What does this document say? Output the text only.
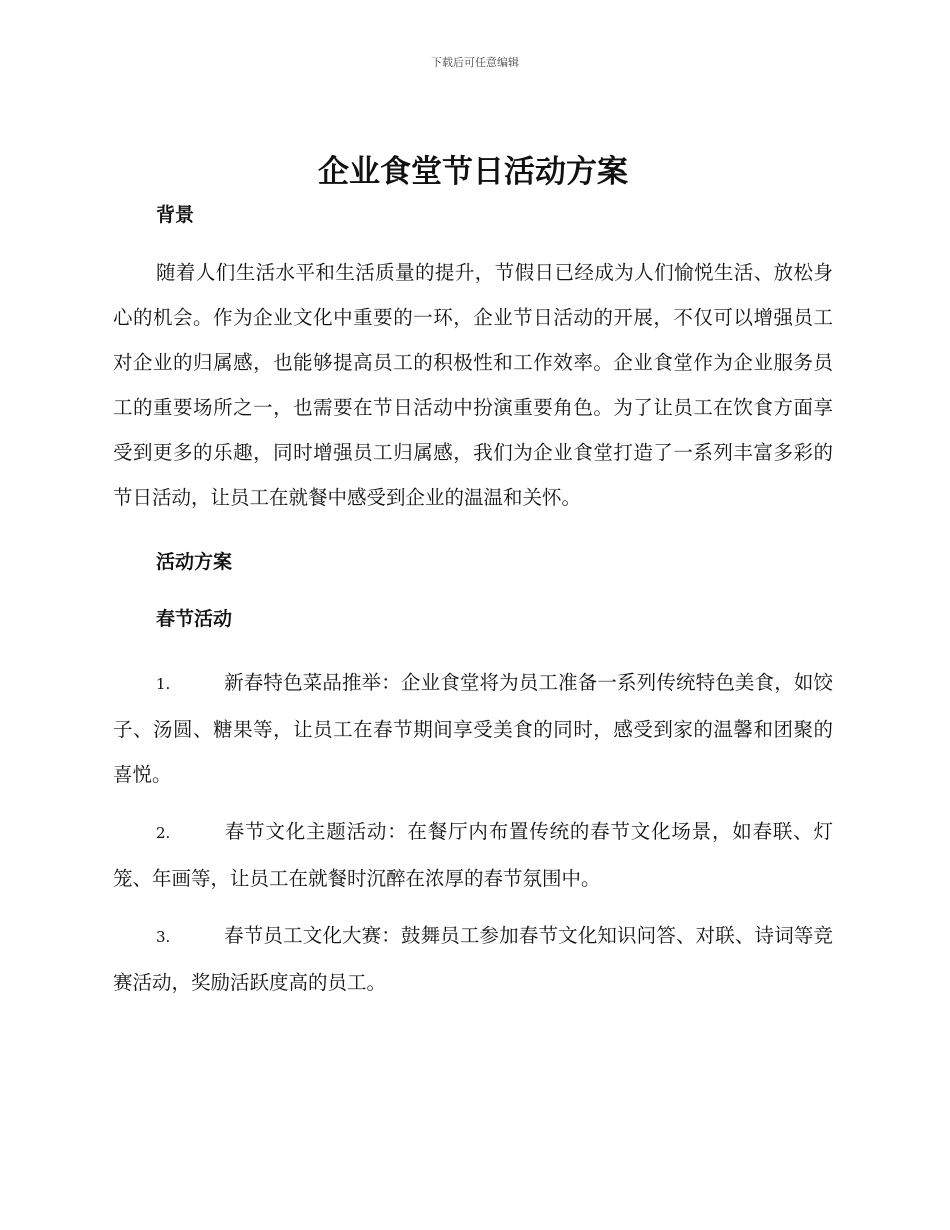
下载后可任意编辑
企业食堂节日活动方案
背景

随着人们生活水平和生活质量的提升，节假日已经成为人们愉悦生活、放松身心的机会。作为企业文化中重要的一环，企业节日活动的开展，不仅可以增强员工对企业的归属感，也能够提高员工的积极性和工作效率。企业食堂作为企业服务员工的重要场所之一，也需要在节日活动中扮演重要角色。为了让员工在饮食方面享受到更多的乐趣，同时增强员工归属感，我们为企业食堂打造了一系列丰富多彩的节日活动，让员工在就餐中感受到企业的温温和关怀。

活动方案
春节活动

1.	新春特色菜品推举：企业食堂将为员工准备一系列传统特色美食，如饺子、汤圆、糖果等，让员工在春节期间享受美食的同时，感受到家的温馨和团聚的喜悦。

2.	春节文化主题活动：在餐厅内布置传统的春节文化场景，如春联、灯笼、年画等，让员工在就餐时沉醉在浓厚的春节氛围中。

3.	春节员工文化大赛：鼓舞员工参加春节文化知识问答、对联、诗词等竞赛活动，奖励活跃度高的员工。
